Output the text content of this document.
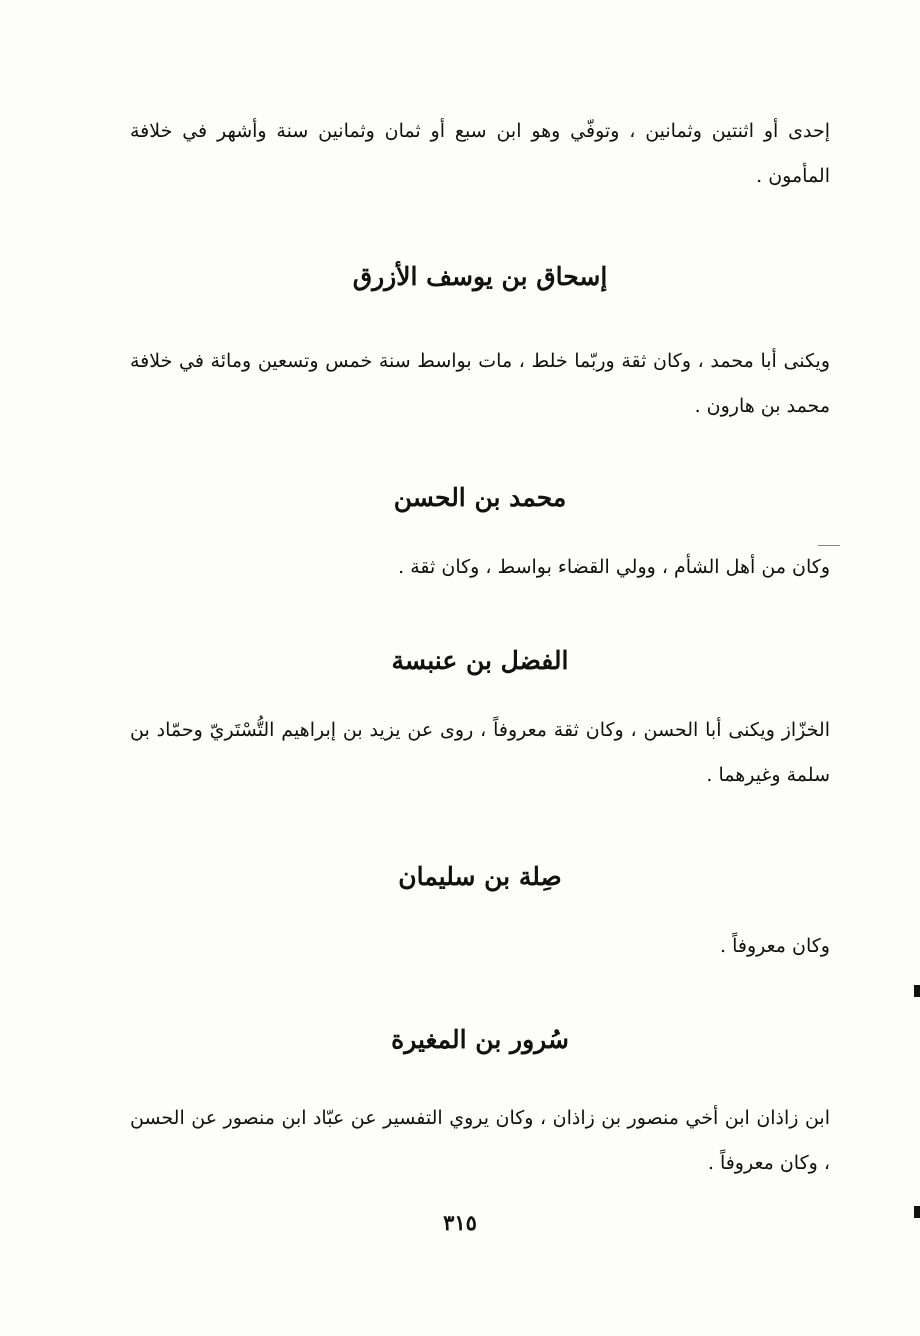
إحدى أو اثنتين وثمانين ، وتوفّي وهو ابن سبع أو ثمان وثمانين سنة وأشهر في خلافة المأمون .

إسحاق بن يوسف الأزرق

ويكنى أبا محمد ، وكان ثقة وربّما خلط ، مات بواسط سنة خمس وتسعين ومائة في خلافة محمد بن هارون .

محمد بن الحسن

وكان من أهل الشأم ، وولي القضاء بواسط ، وكان ثقة .

الفضل بن عنبسة

الخزّاز ويكنى أبا الحسن ، وكان ثقة معروفاً ، روى عن يزيد بن إبراهيم التُّسْتَريّ وحمّاد بن سلمة وغيرهما .

صِلة بن سليمان

وكان معروفاً .

سُرور بن المغيرة

ابن زاذان ابن أخي منصور بن زاذان ، وكان يروي التفسير عن عبّاد ابن منصور عن الحسن ، وكان معروفاً .

٣١٥
